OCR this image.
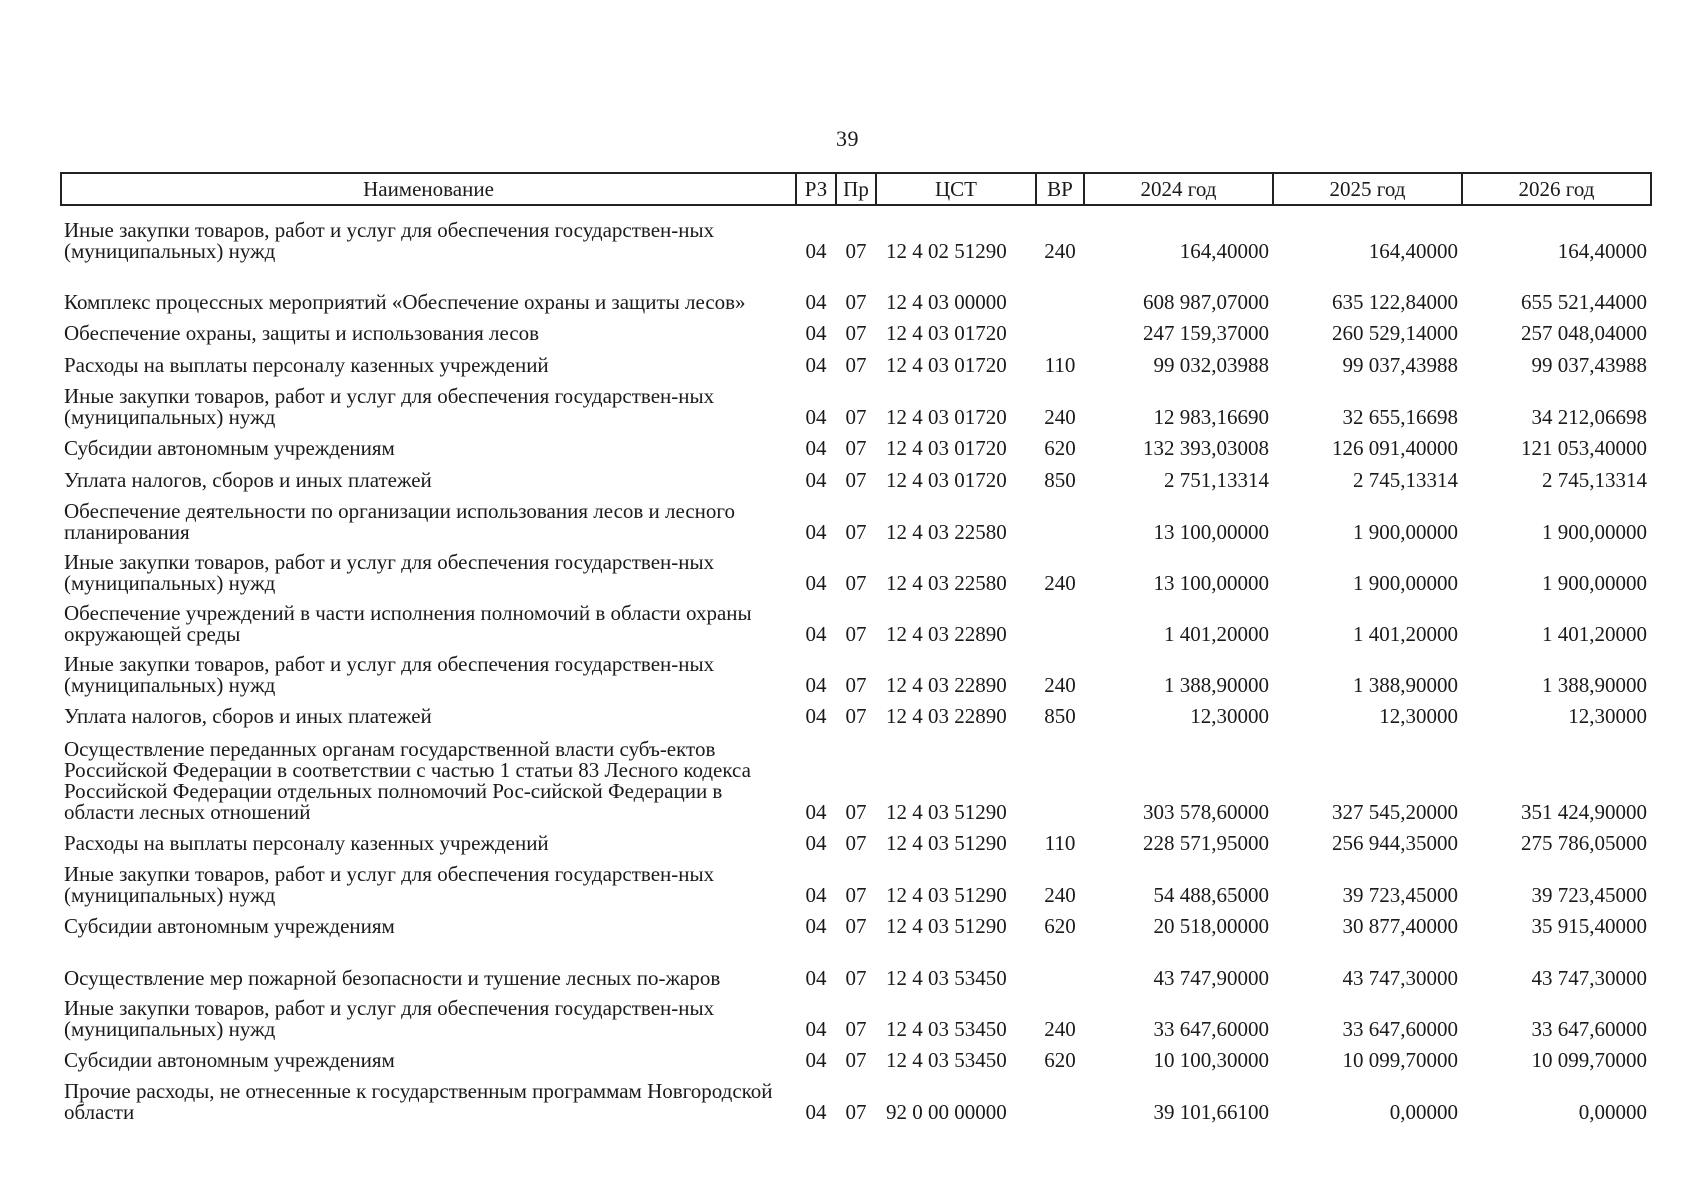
39
Наименование	РЗ	Пр	ЦСТ	ВР	2024 год	2025 год	2026 год
Иные закупки товаров, работ и услуг для обеспечения государствен-ных (муниципальных) нужд	04	07	12 4 02 51290	240	164,40000	164,40000	164,40000
Комплекс процессных мероприятий «Обеспечение охраны и защиты лесов»	04	07	12 4 03 00000		608 987,07000	635 122,84000	655 521,44000
Обеспечение охраны, защиты и использования лесов	04	07	12 4 03 01720		247 159,37000	260 529,14000	257 048,04000
Расходы на выплаты персоналу казенных учреждений	04	07	12 4 03 01720	110	99 032,03988	99 037,43988	99 037,43988
Иные закупки товаров, работ и услуг для обеспечения государствен-ных (муниципальных) нужд	04	07	12 4 03 01720	240	12 983,16690	32 655,16698	34 212,06698
Субсидии автономным учреждениям	04	07	12 4 03 01720	620	132 393,03008	126 091,40000	121 053,40000
Уплата налогов, сборов и иных платежей	04	07	12 4 03 01720	850	2 751,13314	2 745,13314	2 745,13314
Обеспечение деятельности по организации использования лесов и лесного планирования	04	07	12 4 03 22580		13 100,00000	1 900,00000	1 900,00000
Иные закупки товаров, работ и услуг для обеспечения государствен-ных (муниципальных) нужд	04	07	12 4 03 22580	240	13 100,00000	1 900,00000	1 900,00000
Обеспечение учреждений в части исполнения полномочий в области охраны окружающей среды	04	07	12 4 03 22890		1 401,20000	1 401,20000	1 401,20000
Иные закупки товаров, работ и услуг для обеспечения государствен-ных (муниципальных) нужд	04	07	12 4 03 22890	240	1 388,90000	1 388,90000	1 388,90000
Уплата налогов, сборов и иных платежей	04	07	12 4 03 22890	850	12,30000	12,30000	12,30000
Осуществление переданных органам государственной власти субъ-ектов Российской Федерации в соответствии с частью 1 статьи 83 Лесного кодекса Российской Федерации отдельных полномочий Рос-сийской Федерации в области лесных отношений	04	07	12 4 03 51290		303 578,60000	327 545,20000	351 424,90000
Расходы на выплаты персоналу казенных учреждений	04	07	12 4 03 51290	110	228 571,95000	256 944,35000	275 786,05000
Иные закупки товаров, работ и услуг для обеспечения государствен-ных (муниципальных) нужд	04	07	12 4 03 51290	240	54 488,65000	39 723,45000	39 723,45000
Субсидии автономным учреждениям	04	07	12 4 03 51290	620	20 518,00000	30 877,40000	35 915,40000
Осуществление мер пожарной безопасности и тушение лесных по-жаров	04	07	12 4 03 53450		43 747,90000	43 747,30000	43 747,30000
Иные закупки товаров, работ и услуг для обеспечения государствен-ных (муниципальных) нужд	04	07	12 4 03 53450	240	33 647,60000	33 647,60000	33 647,60000
Субсидии автономным учреждениям	04	07	12 4 03 53450	620	10 100,30000	10 099,70000	10 099,70000
Прочие расходы, не отнесенные к государственным программам Новгородской области	04	07	92 0 00 00000		39 101,66100	0,00000	0,00000
